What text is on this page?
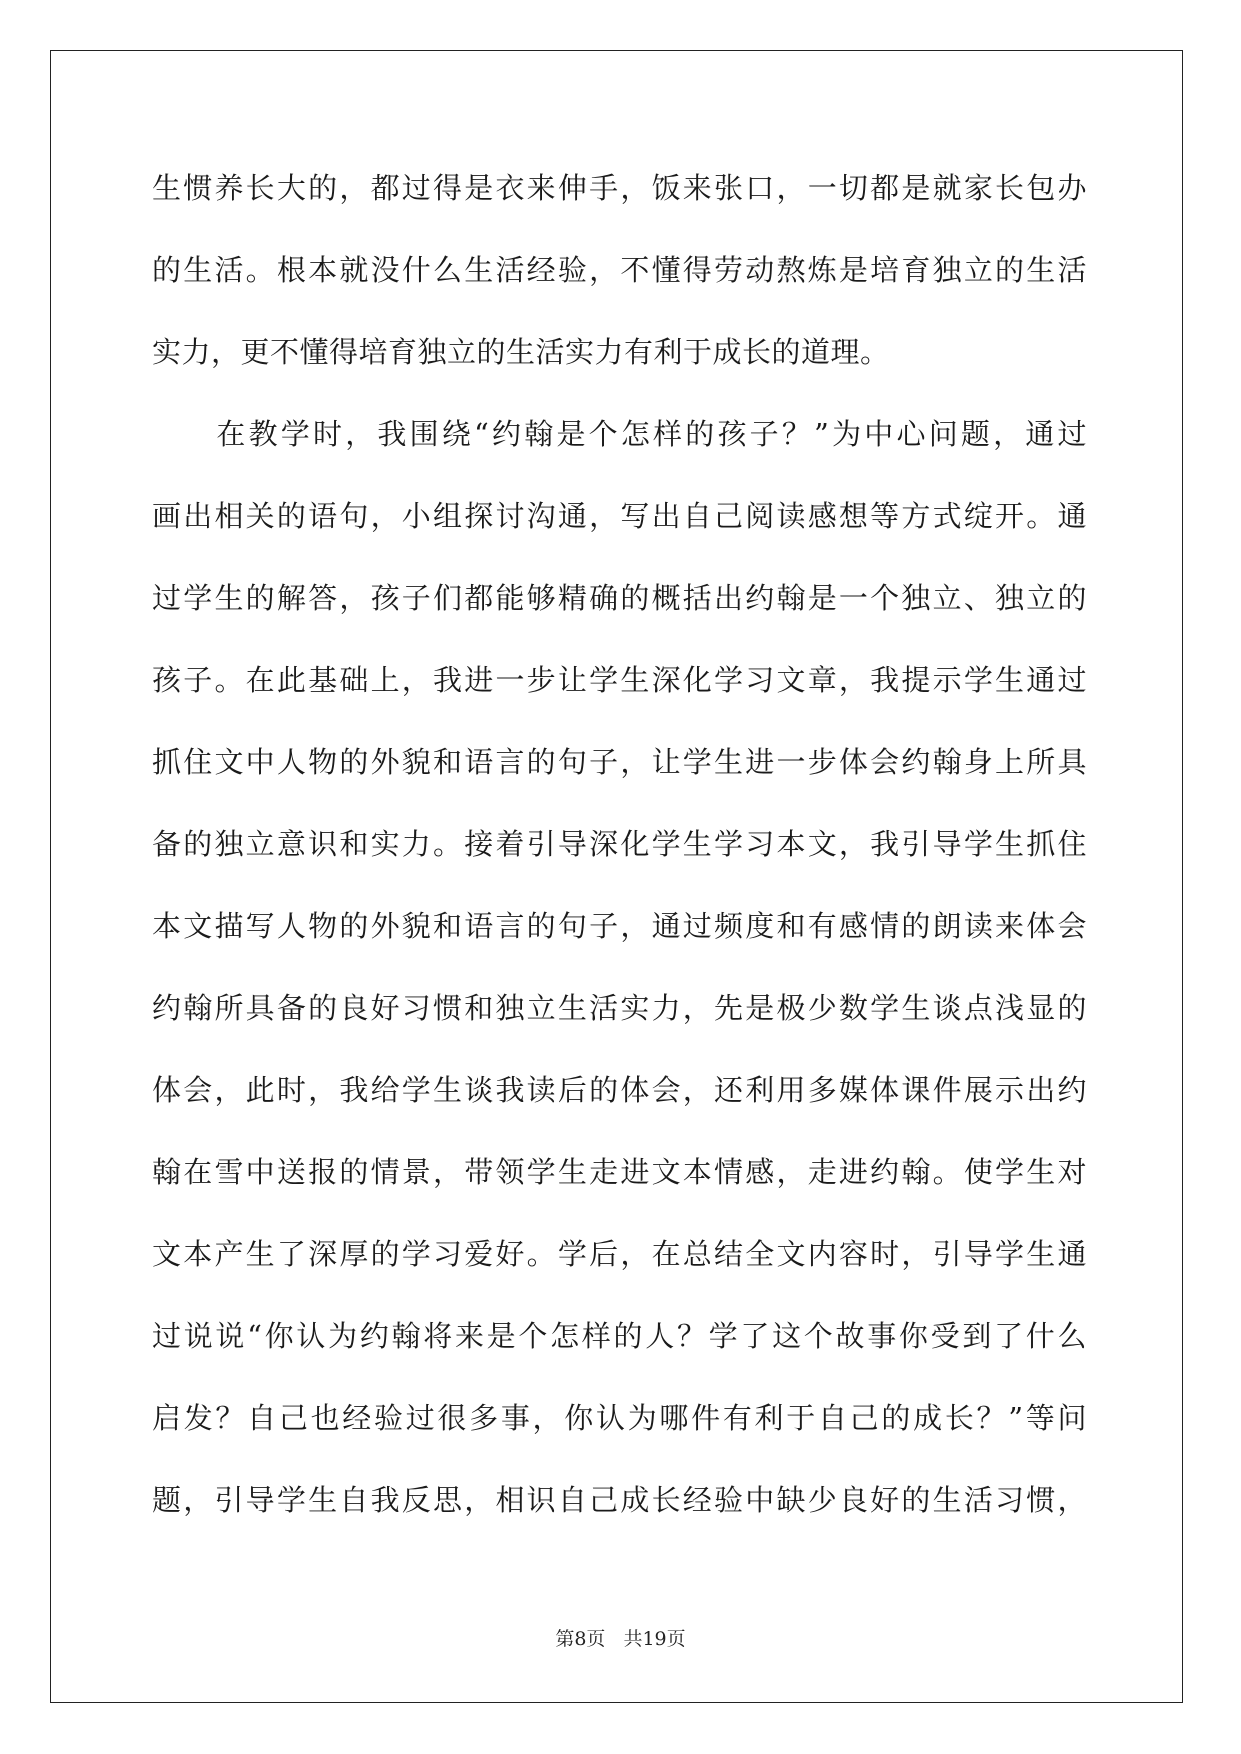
生惯养长大的，都过得是衣来伸手，饭来张口，一切都是就家长包办
的生活。根本就没什么生活经验，不懂得劳动熬炼是培育独立的生活
实力，更不懂得培育独立的生活实力有利于成长的道理。
　　在教学时，我围绕“约翰是个怎样的孩子？”为中心问题，通过
画出相关的语句，小组探讨沟通，写出自己阅读感想等方式绽开。通
过学生的解答，孩子们都能够精确的概括出约翰是一个独立、独立的
孩子。在此基础上，我进一步让学生深化学习文章，我提示学生通过
抓住文中人物的外貌和语言的句子，让学生进一步体会约翰身上所具
备的独立意识和实力。接着引导深化学生学习本文，我引导学生抓住
本文描写人物的外貌和语言的句子，通过频度和有感情的朗读来体会
约翰所具备的良好习惯和独立生活实力，先是极少数学生谈点浅显的
体会，此时，我给学生谈我读后的体会，还利用多媒体课件展示出约
翰在雪中送报的情景，带领学生走进文本情感，走进约翰。使学生对
文本产生了深厚的学习爱好。学后，在总结全文内容时，引导学生通
过说说“你认为约翰将来是个怎样的人？学了这个故事你受到了什么
启发？自己也经验过很多事，你认为哪件有利于自己的成长？”等问
题，引导学生自我反思，相识自己成长经验中缺少良好的生活习惯，
第8页 共19页
